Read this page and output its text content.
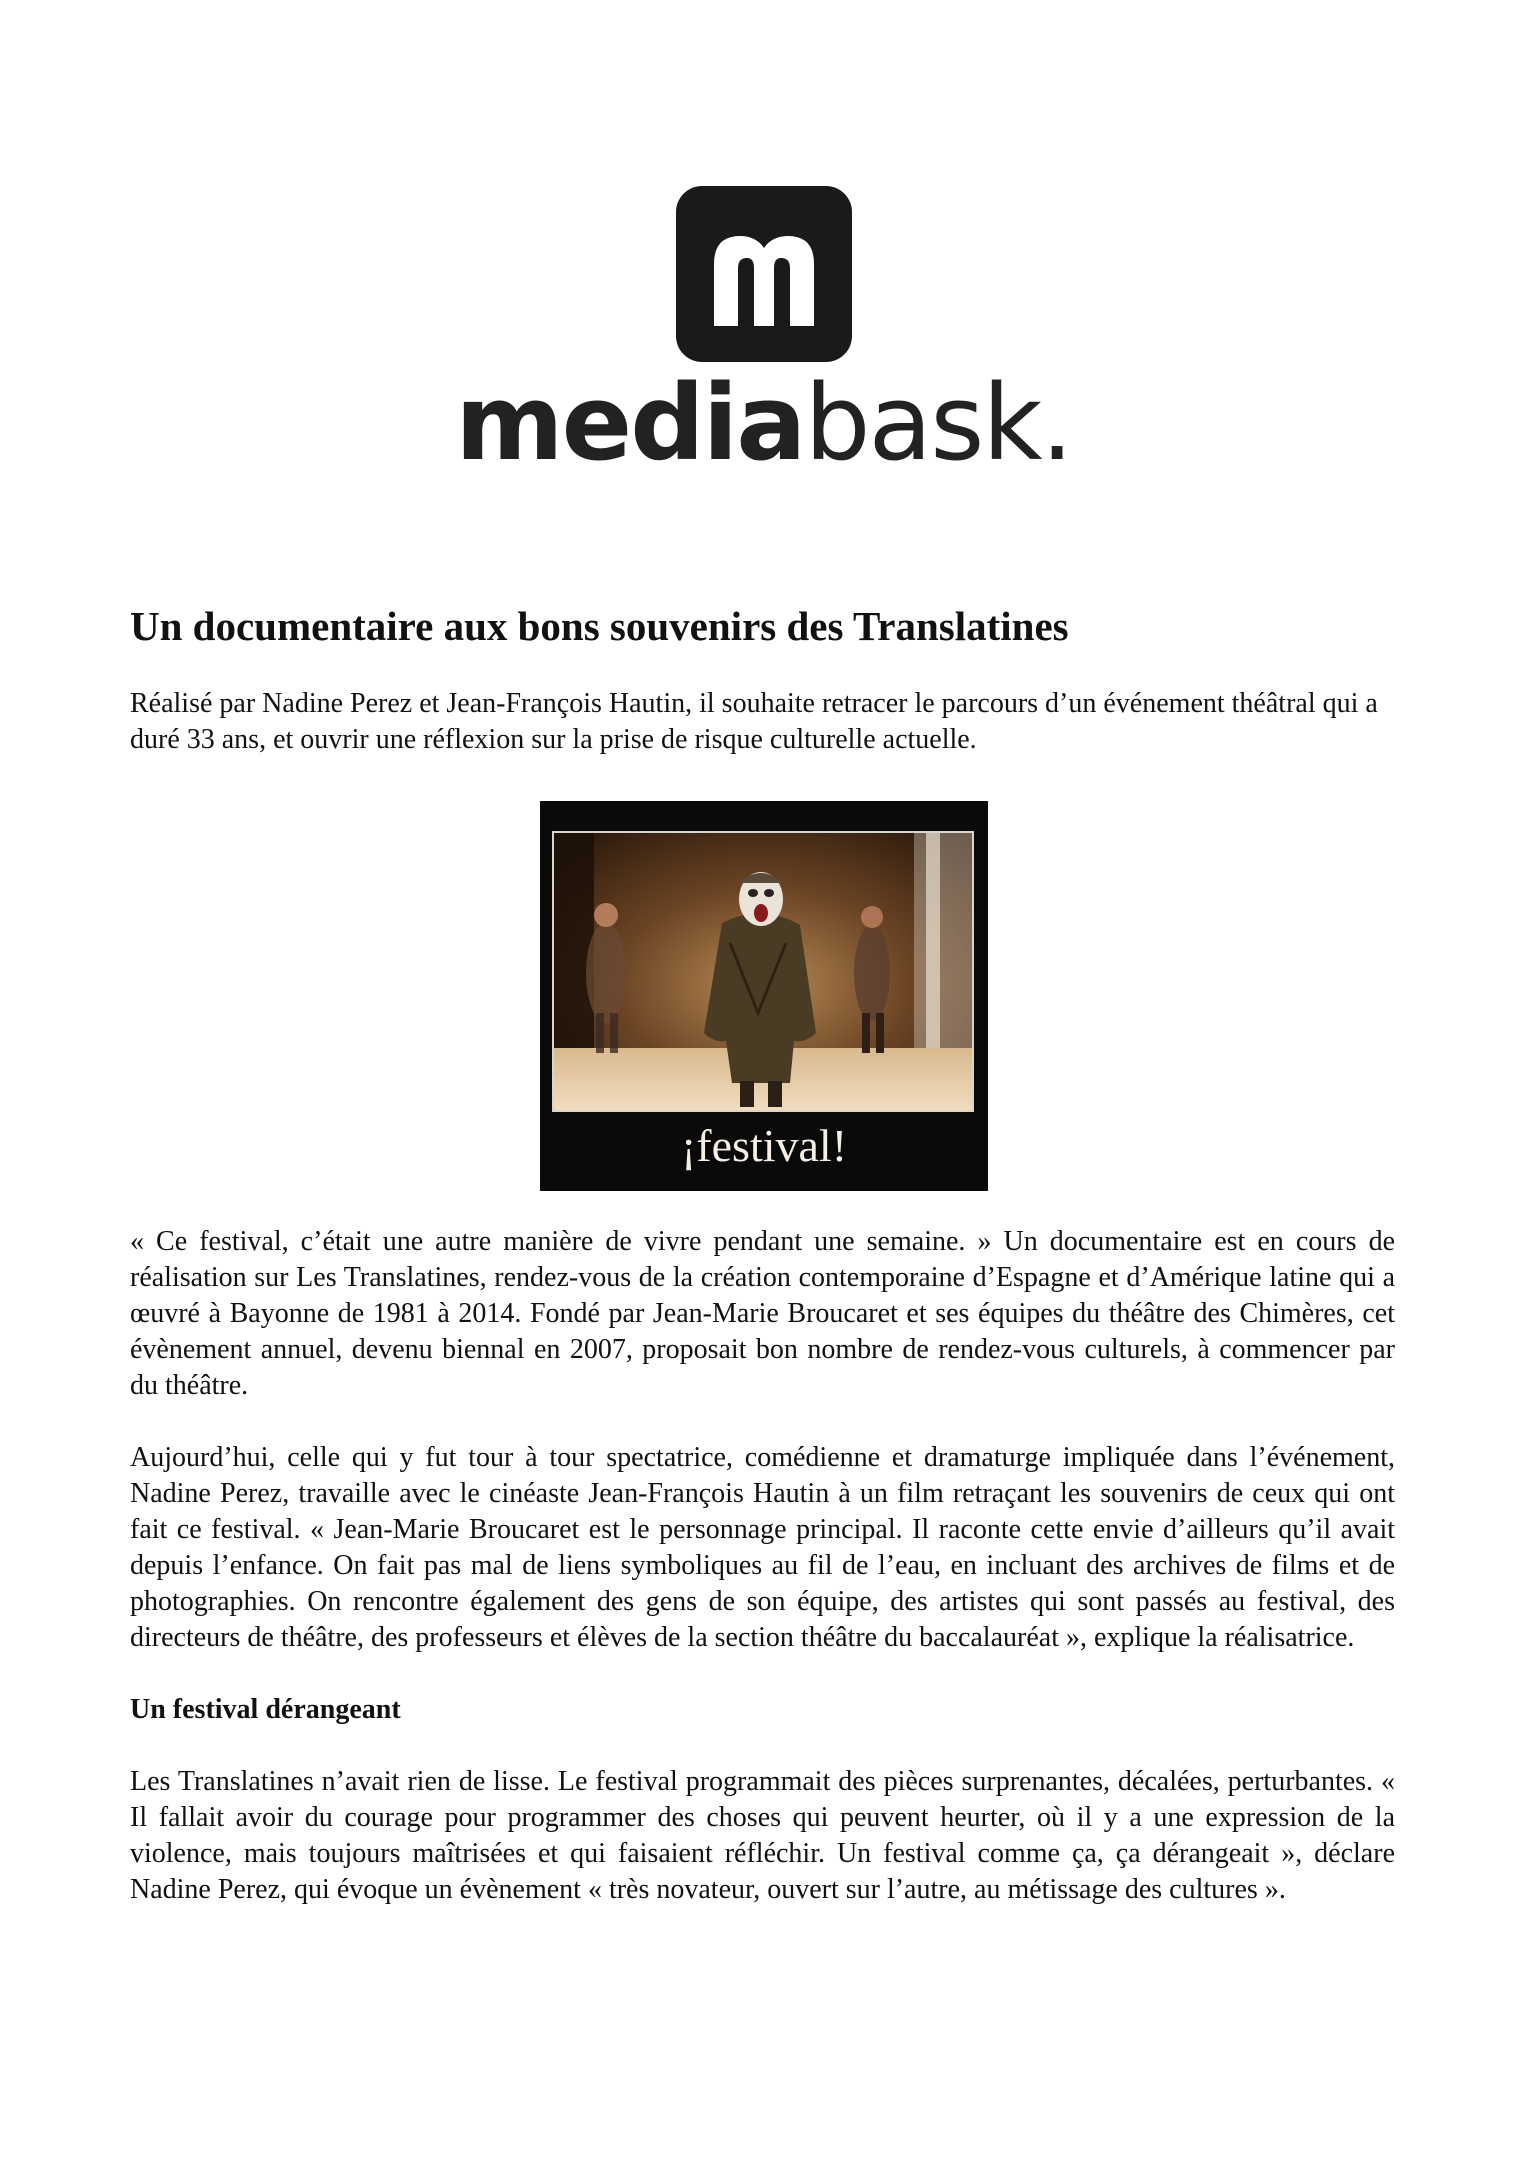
mediabask.
Un documentaire aux bons souvenirs des Translatines

Réalisé par Nadine Perez et Jean-François Hautin, il souhaite retracer le parcours d’un événement théâtral qui a duré 33 ans, et ouvrir une réflexion sur la prise de risque culturelle actuelle.

¡festival!

« Ce festival, c’était une autre manière de vivre pendant une semaine. » Un documentaire est en cours de réalisation sur Les Translatines, rendez-vous de la création contemporaine d’Espagne et d’Amérique latine qui a œuvré à Bayonne de 1981 à 2014. Fondé par Jean-Marie Broucaret et ses équipes du théâtre des Chimères, cet évènement annuel, devenu biennal en 2007, proposait bon nombre de rendez-vous culturels, à commencer par du théâtre.

Aujourd’hui, celle qui y fut tour à tour spectatrice, comédienne et dramaturge impliquée dans l’événement, Nadine Perez, travaille avec le cinéaste Jean-François Hautin à un film retraçant les souvenirs de ceux qui ont fait ce festival. « Jean-Marie Broucaret est le personnage principal. Il raconte cette envie d’ailleurs qu’il avait depuis l’enfance. On fait pas mal de liens symboliques au fil de l’eau, en incluant des archives de films et de photographies. On rencontre également des gens de son équipe, des artistes qui sont passés au festival, des directeurs de théâtre, des professeurs et élèves de la section théâtre du baccalauréat », explique la réalisatrice.

Un festival dérangeant

Les Translatines n’avait rien de lisse. Le festival programmait des pièces surprenantes, décalées, perturbantes. « Il fallait avoir du courage pour programmer des choses qui peuvent heurter, où il y a une expression de la violence, mais toujours maîtrisées et qui faisaient réfléchir. Un festival comme ça, ça dérangeait », déclare Nadine Perez, qui évoque un évènement « très novateur, ouvert sur l’autre, au métissage des cultures ».
